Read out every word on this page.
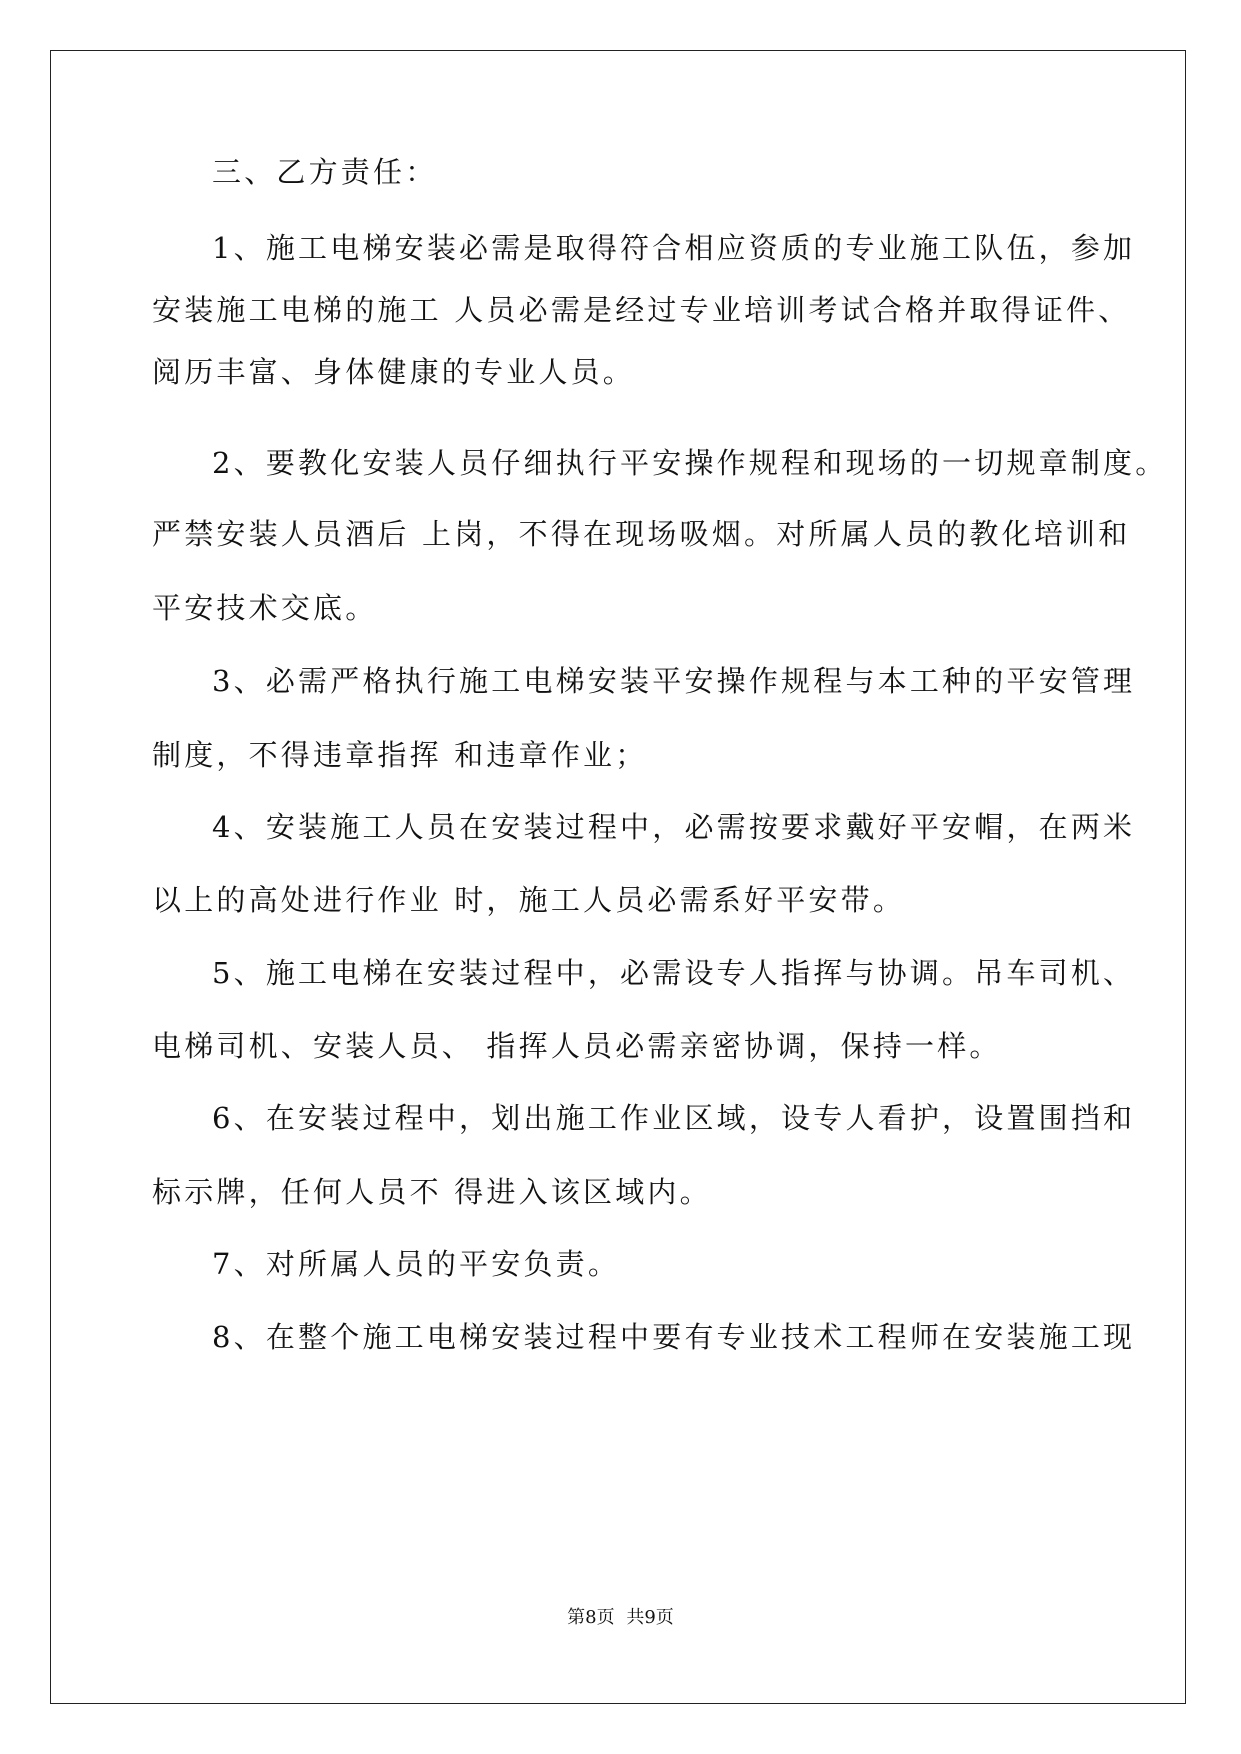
三、乙方责任：
1、施工电梯安装必需是取得符合相应资质的专业施工队伍，参加
安装施工电梯的施工 人员必需是经过专业培训考试合格并取得证件、
阅历丰富、身体健康的专业人员。
2、要教化安装人员仔细执行平安操作规程和现场的一切规章制度。
严禁安装人员酒后 上岗，不得在现场吸烟。对所属人员的教化培训和
平安技术交底。
3、必需严格执行施工电梯安装平安操作规程与本工种的平安管理
制度，不得违章指挥 和违章作业；
4、安装施工人员在安装过程中，必需按要求戴好平安帽，在两米
以上的高处进行作业 时，施工人员必需系好平安带。
5、施工电梯在安装过程中，必需设专人指挥与协调。吊车司机、
电梯司机、安装人员、 指挥人员必需亲密协调，保持一样。
6、在安装过程中，划出施工作业区域，设专人看护，设置围挡和
标示牌，任何人员不 得进入该区域内。
7、对所属人员的平安负责。
8、在整个施工电梯安装过程中要有专业技术工程师在安装施工现
第8页 共9页
